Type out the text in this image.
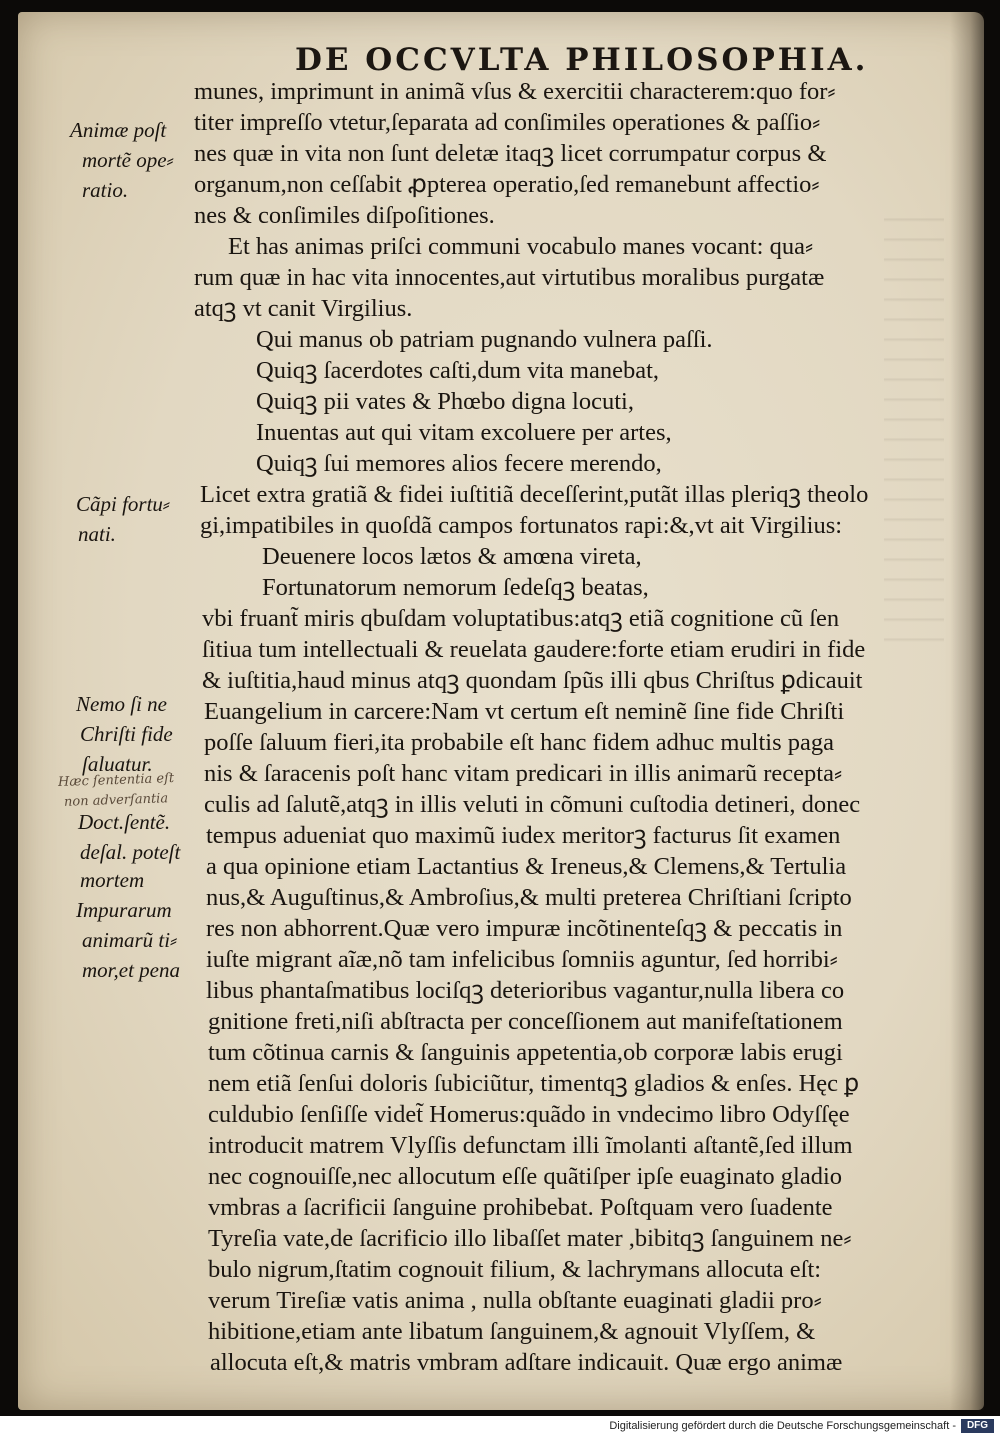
DE OCCVLTA PHILOSOPHIA.
munes, imprimunt in animã vſus & exercitii characterem:quo for⸗
titer impreſſo vtetur,ſeparata ad conſimiles operationes & paſſio⸗
nes quæ in vita non ſunt deletæ itaqꝫ licet corrumpatur corpus &
organum,non ceſſabit ꝓpterea operatio,ſed remanebunt affectio⸗
nes & conſimiles diſpoſitiones.
Et has animas priſci communi vocabulo manes vocant: qua⸗
rum quæ in hac vita innocentes,aut virtutibus moralibus purgatæ
atqꝫ vt canit Virgilius.
Qui manus ob patriam pugnando vulnera paſſi.
Quiqꝫ ſacerdotes caſti,dum vita manebat,
Quiqꝫ pii vates & Phœbo digna locuti,
Inuentas aut qui vitam excoluere per artes,
Quiqꝫ ſui memores alios fecere merendo,
Licet extra gratiã & fidei iuſtitiã deceſſerint,putãt illas pleriqꝫ theolo
gi,impatibiles in quoſdã campos fortunatos rapi:&,vt ait Virgilius:
Deuenere locos lætos & amœna vireta,
Fortunatorum nemorum ſedeſqꝫ beatas,
vbi fruant̃ miris qbuſdam voluptatibus:atqꝫ etiã cognitione cũ ſen
ſitiua tum intellectuali & reuelata gaudere:forte etiam erudiri in fide
& iuſtitia,haud minus atqꝫ quondam ſpũs illi qbus Chriſtus ꝑdicauit
Euangelium in carcere:Nam vt certum eſt neminẽ ſine fide Chriſti
poſſe ſaluum fieri,ita probabile eſt hanc fidem adhuc multis paga
nis & ſaracenis poſt hanc vitam predicari in illis animarũ recepta⸗
culis ad ſalutẽ,atqꝫ in illis veluti in cõmuni cuſtodia detineri, donec
tempus adueniat quo maximũ iudex meritorꝫ facturus ſit examen
a qua opinione etiam Lactantius & Ireneus,& Clemens,& Tertulia
nus,& Auguſtinus,& Ambroſius,& multi preterea Chriſtiani ſcripto
res non abhorrent.Quæ vero impuræ incõtinenteſqꝫ & peccatis in
iuſte migrant aĩæ,nõ tam infelicibus ſomniis aguntur, ſed horribi⸗
libus phantaſmatibus lociſqꝫ deterioribus vagantur,nulla libera co
gnitione freti,niſi abſtracta per conceſſionem aut manifeſtationem
tum cõtinua carnis & ſanguinis appetentia,ob corporæ labis erugi
nem etiã ſenſui doloris ſubiciũtur, timentqꝫ gladios & enſes. Hęc ꝑ
culdubio ſenſiſſe videt̃ Homerus:quãdo in vndecimo libro Odyſſęe
introducit matrem Vlyſſis defunctam illi ĩmolanti aſtantẽ,ſed illum
nec cognouiſſe,nec allocutum eſſe quãtiſper ipſe euaginato gladio
vmbras a ſacrificii ſanguine prohibebat. Poſtquam vero ſuadente
Tyreſia vate,de ſacrificio illo libaſſet mater ,bibitqꝫ ſanguinem ne⸗
bulo nigrum,ſtatim cognouit filium, & lachrymans allocuta eſt:
verum Tireſiæ vatis anima , nulla obſtante euaginati gladii pro⸗
hibitione,etiam ante libatum ſanguinem,& agnouit Vlyſſem, &
allocuta eſt,& matris vmbram adſtare indicauit. Quæ ergo animæ
Animæ poſt
mortẽ ope⸗
ratio.
Cãpi fortu⸗
nati.
Nemo ſi ne
Chriſti fide
ſaluatur.
Doct.ſentẽ.
deſal. poteſt
mortem
Impurarum
animarũ ti⸗
mor,et pena
Hæc ſententia eſt
non adverſantia
Digitalisierung gefördert durch die Deutsche Forschungsgemeinschaft -	DFG
